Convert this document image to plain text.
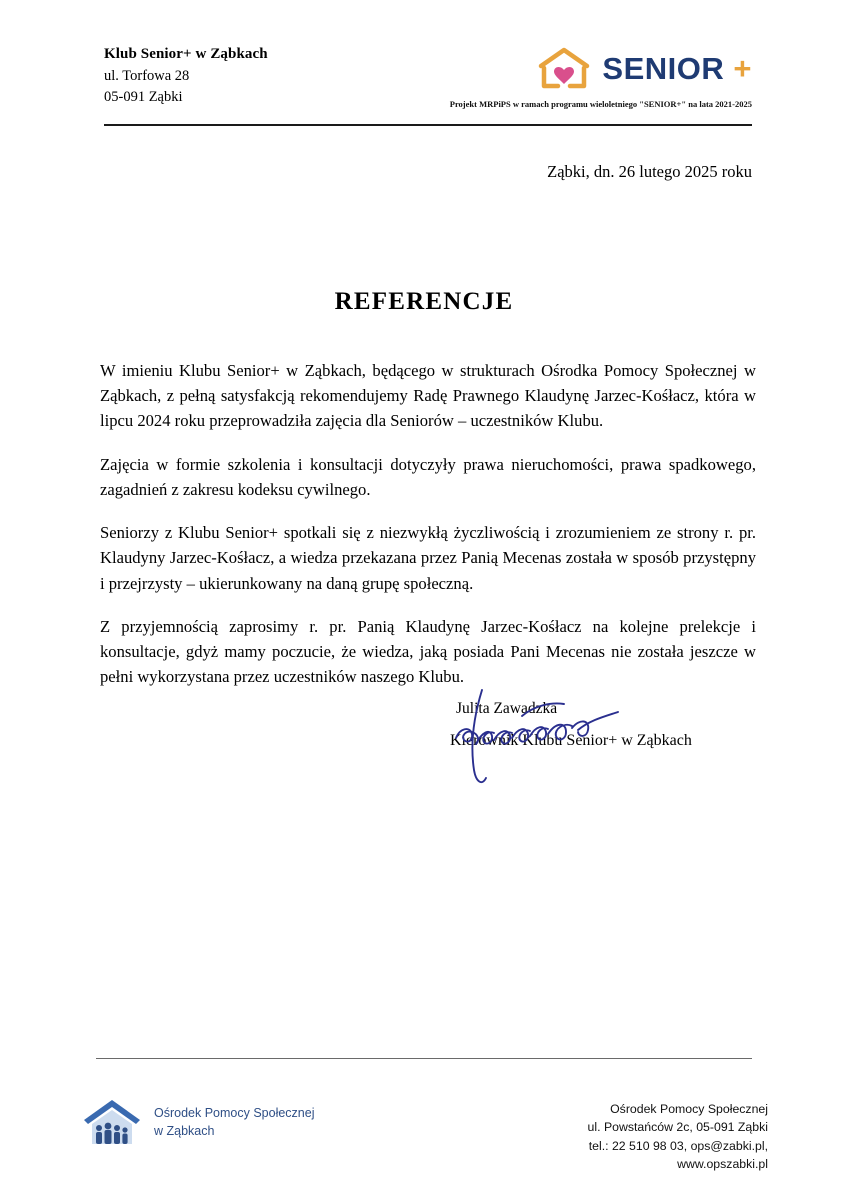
Klub Senior+ w Ząbkach
ul. Torfowa 28
05-091 Ząbki
SENIOR +
Projekt MRPiPS w ramach programu wieloletniego "SENIOR+" na lata 2021-2025
Ząbki, dn. 26 lutego 2025 roku
REFERENCJE

W imieniu Klubu Senior+ w Ząbkach, będącego w strukturach Ośrodka Pomocy Społecznej w Ząbkach, z pełną satysfakcją rekomendujemy Radę Prawnego Klaudynę Jarzec-Kośłacz, która w lipcu 2024 roku przeprowadziła zajęcia dla Seniorów – uczestników Klubu.

Zajęcia w formie szkolenia i konsultacji dotyczyły prawa nieruchomości, prawa spadkowego, zagadnień z zakresu kodeksu cywilnego.

Seniorzy z Klubu Senior+ spotkali się z niezwykłą życzliwością i zrozumieniem ze strony r. pr. Klaudyny Jarzec-Kośłacz, a wiedza przekazana przez Panią Mecenas została w sposób przystępny i przejrzysty – ukierunkowany na daną grupę społeczną.

Z przyjemnością zaprosimy r. pr. Panią Klaudynę Jarzec-Kośłacz na kolejne prelekcje i konsultacje, gdyż mamy poczucie, że wiedza, jaką posiada Pani Mecenas nie została jeszcze w pełni wykorzystana przez uczestników naszego Klubu.

Julita Zawadzka
Kierownik Klubu Senior+ w Ząbkach
Ośrodek Pomocy Społecznej
w Ząbkach
Ośrodek Pomocy Społecznej
ul. Powstańców 2c, 05-091 Ząbki
tel.: 22 510 98 03, ops@zabki.pl,
www.opszabki.pl
